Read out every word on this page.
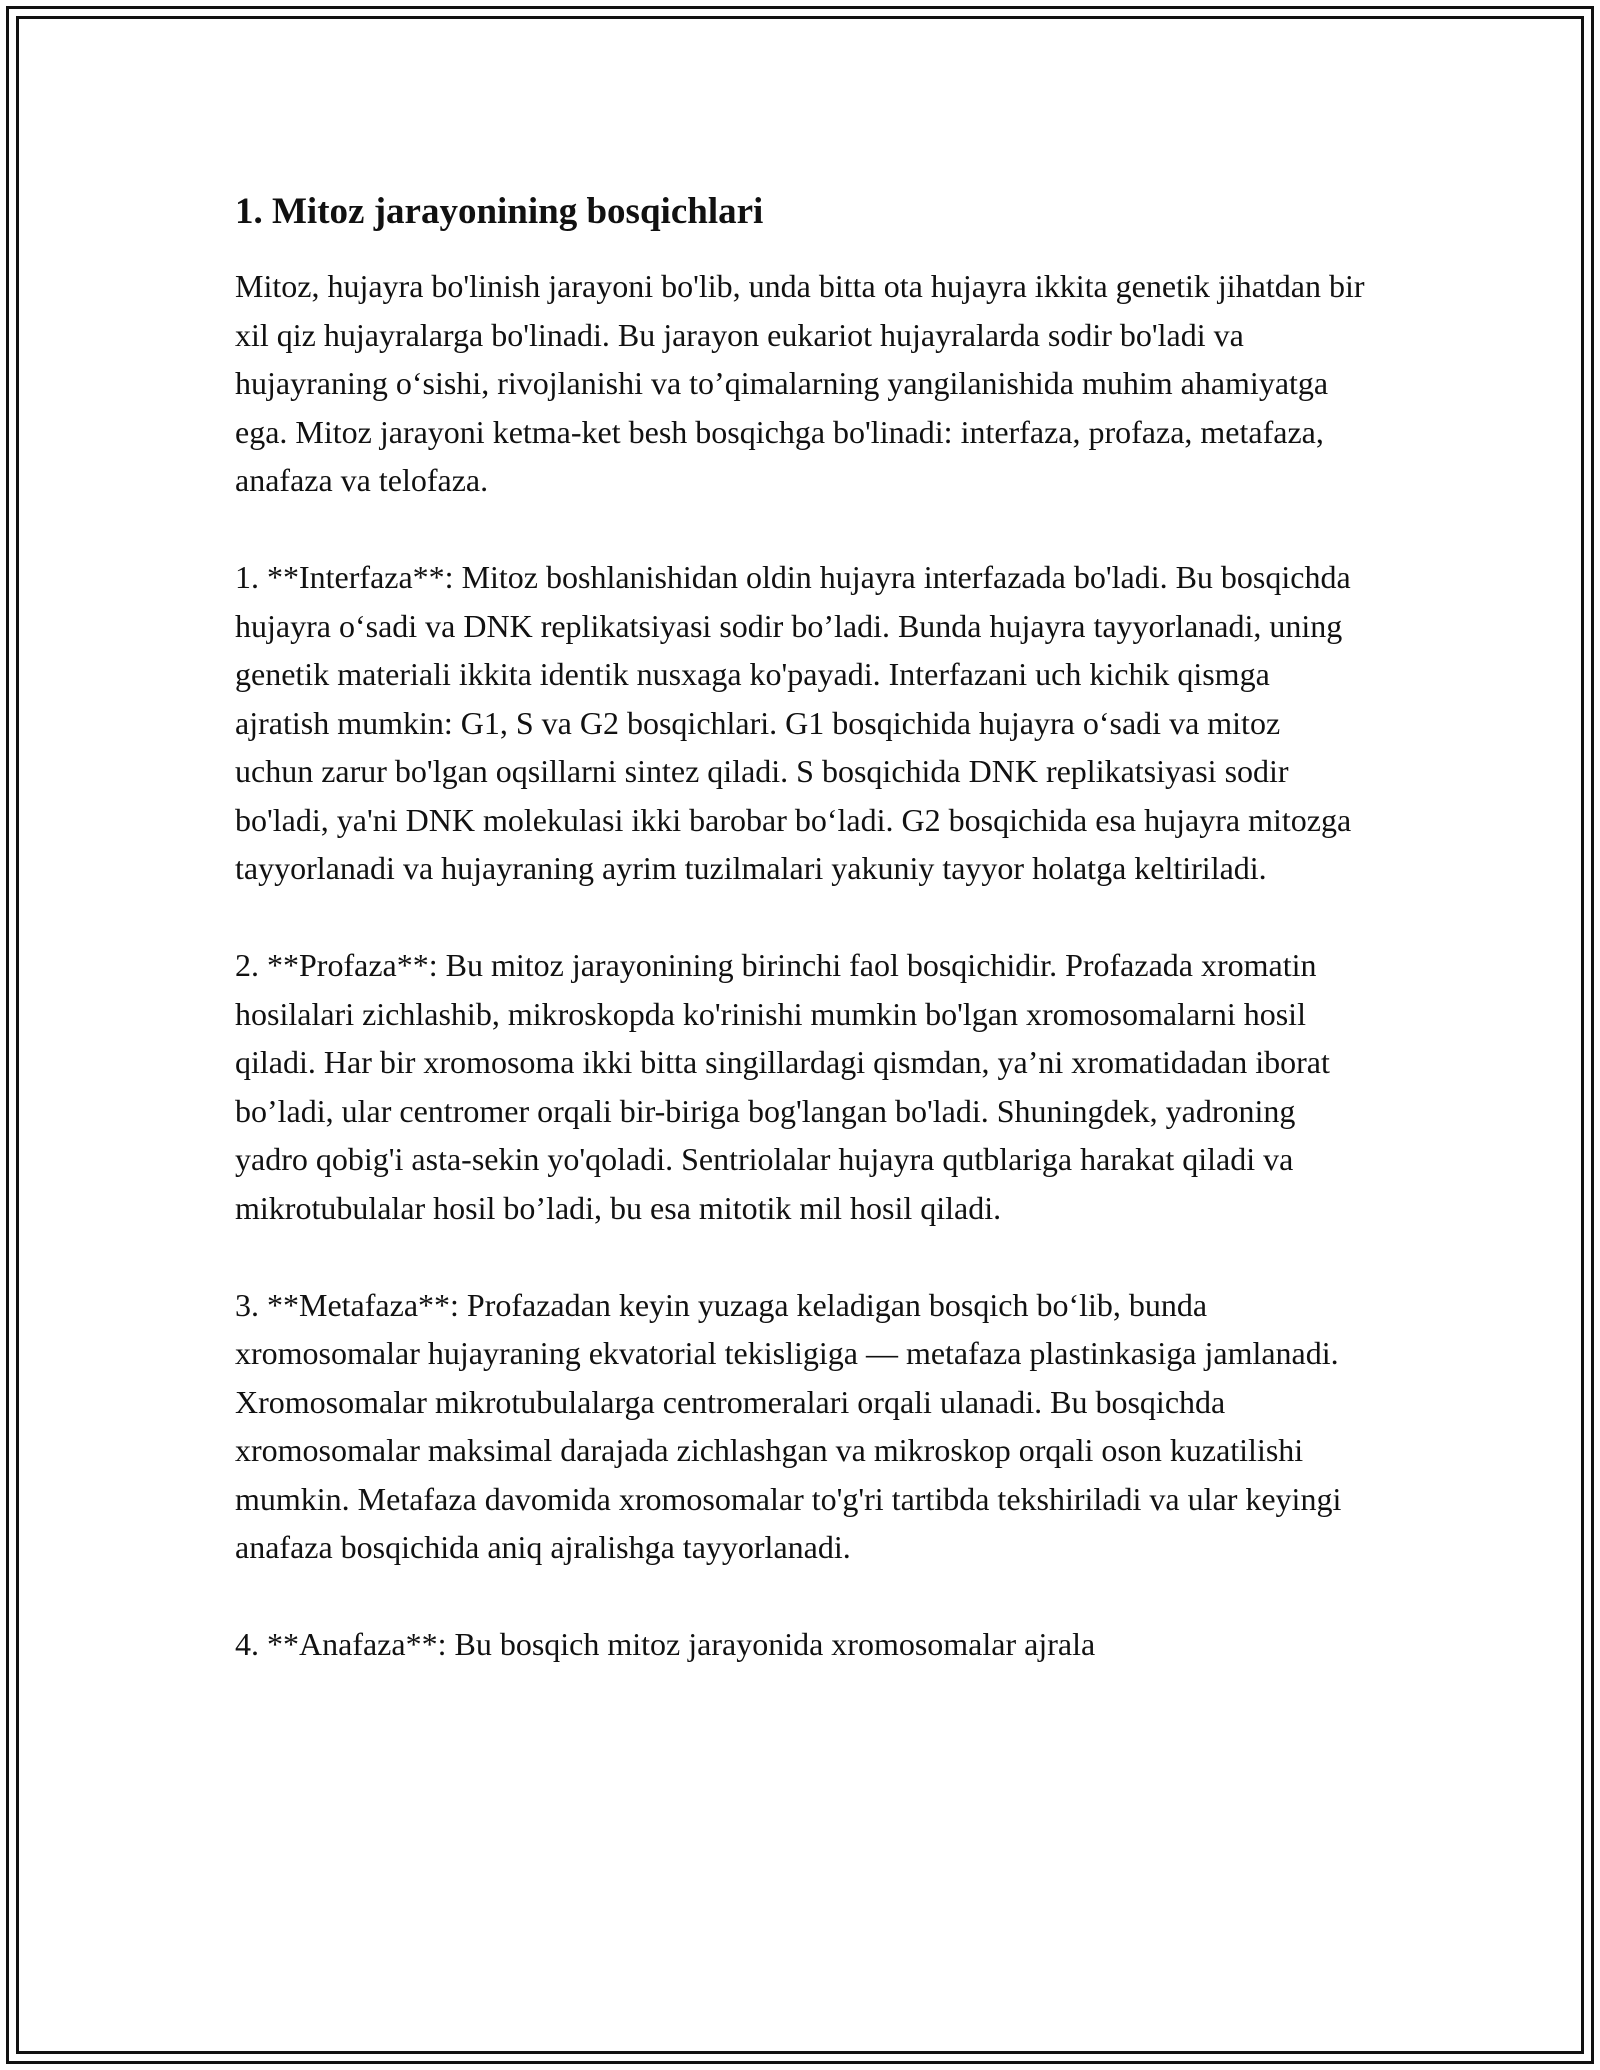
1. Mitoz jarayonining bosqichlari

Mitoz, hujayra bo'linish jarayoni bo'lib, unda bitta ota hujayra ikkita genetik jihatdan bir xil qiz hujayralarga bo'linadi. Bu jarayon eukariot hujayralarda sodir bo'ladi va hujayraning o‘sishi, rivojlanishi va to’qimalarning yangilanishida muhim ahamiyatga ega. Mitoz jarayoni ketma-ket besh bosqichga bo'linadi: interfaza, profaza, metafaza, anafaza va telofaza.

1. **Interfaza**: Mitoz boshlanishidan oldin hujayra interfazada bo'ladi. Bu bosqichda hujayra o‘sadi va DNK replikatsiyasi sodir bo’ladi. Bunda hujayra tayyorlanadi, uning genetik materiali ikkita identik nusxaga ko'payadi. Interfazani uch kichik qismga ajratish mumkin: G1, S va G2 bosqichlari. G1 bosqichida hujayra o‘sadi va mitoz uchun zarur bo'lgan oqsillarni sintez qiladi. S bosqichida DNK replikatsiyasi sodir bo'ladi, ya'ni DNK molekulasi ikki barobar bo‘ladi. G2 bosqichida esa hujayra mitozga tayyorlanadi va hujayraning ayrim tuzilmalari yakuniy tayyor holatga keltiriladi.

2. **Profaza**: Bu mitoz jarayonining birinchi faol bosqichidir. Profazada xromatin hosilalari zichlashib, mikroskopda ko'rinishi mumkin bo'lgan xromosomalarni hosil qiladi. Har bir xromosoma ikki bitta singillardagi qismdan, ya’ni xromatidadan iborat bo’ladi, ular centromer orqali bir-biriga bog'langan bo'ladi. Shuningdek, yadroning yadro qobig'i asta-sekin yo'qoladi. Sentriolalar hujayra qutblariga harakat qiladi va mikrotubulalar hosil bo’ladi, bu esa mitotik mil hosil qiladi.

3. **Metafaza**: Profazadan keyin yuzaga keladigan bosqich bo‘lib, bunda xromosomalar hujayraning ekvatorial tekisligiga — metafaza plastinkasiga jamlanadi. Xromosomalar mikrotubulalarga centromeralari orqali ulanadi. Bu bosqichda xromosomalar maksimal darajada zichlashgan va mikroskop orqali oson kuzatilishi mumkin. Metafaza davomida xromosomalar to'g'ri tartibda tekshiriladi va ular keyingi anafaza bosqichida aniq ajralishga tayyorlanadi.

4. **Anafaza**: Bu bosqich mitoz jarayonida xromosomalar ajrala
